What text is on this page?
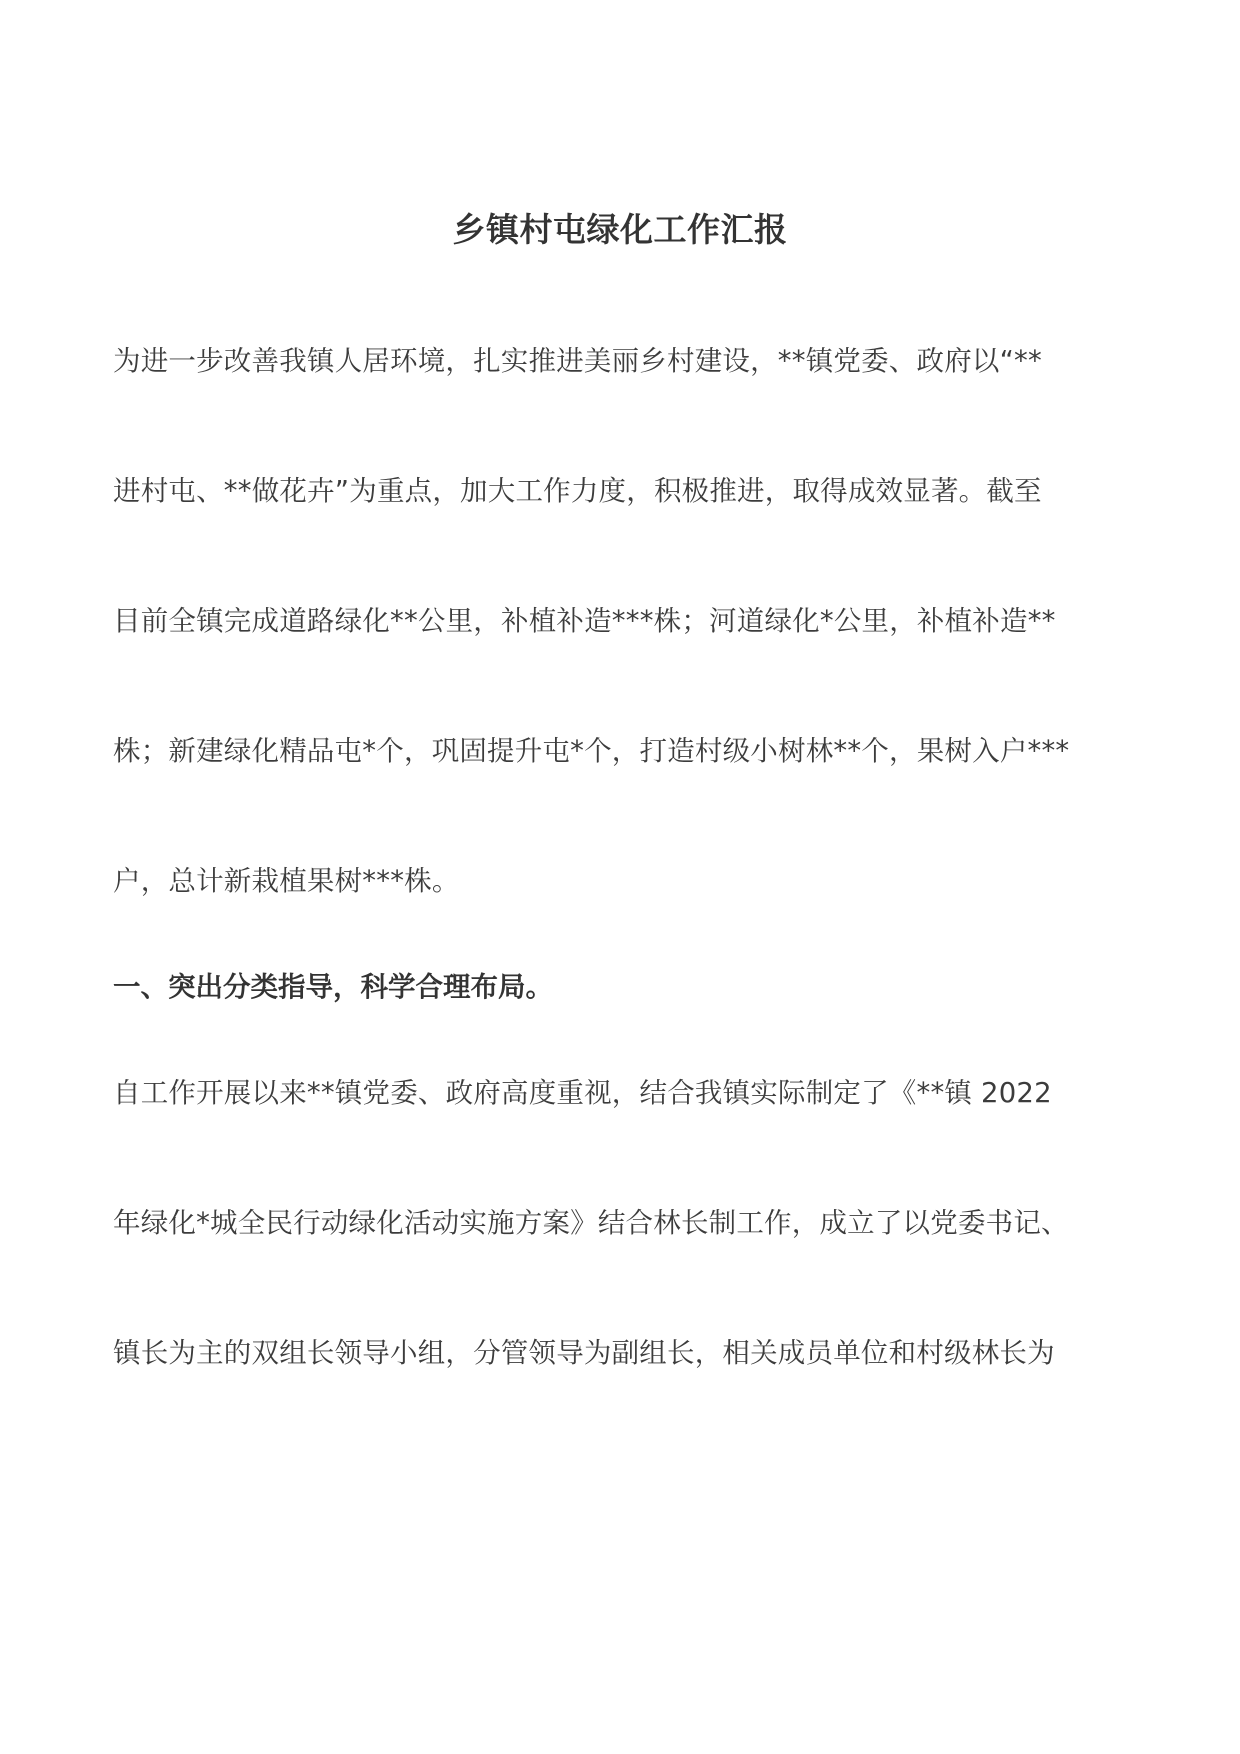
乡镇村屯绿化工作汇报
为进一步改善我镇人居环境，扎实推进美丽乡村建设，**镇党委、政府以“**
进村屯、**做花卉”为重点，加大工作力度，积极推进，取得成效显著。截至
目前全镇完成道路绿化**公里，补植补造***株；河道绿化*公里，补植补造**
株；新建绿化精品屯*个，巩固提升屯*个，打造村级小树林**个，果树入户***
户，总计新栽植果树***株。
一、突出分类指导，科学合理布局。
自工作开展以来**镇党委、政府高度重视，结合我镇实际制定了《**镇 2022
年绿化*城全民行动绿化活动实施方案》结合林长制工作，成立了以党委书记、
镇长为主的双组长领导小组，分管领导为副组长，相关成员单位和村级林长为
